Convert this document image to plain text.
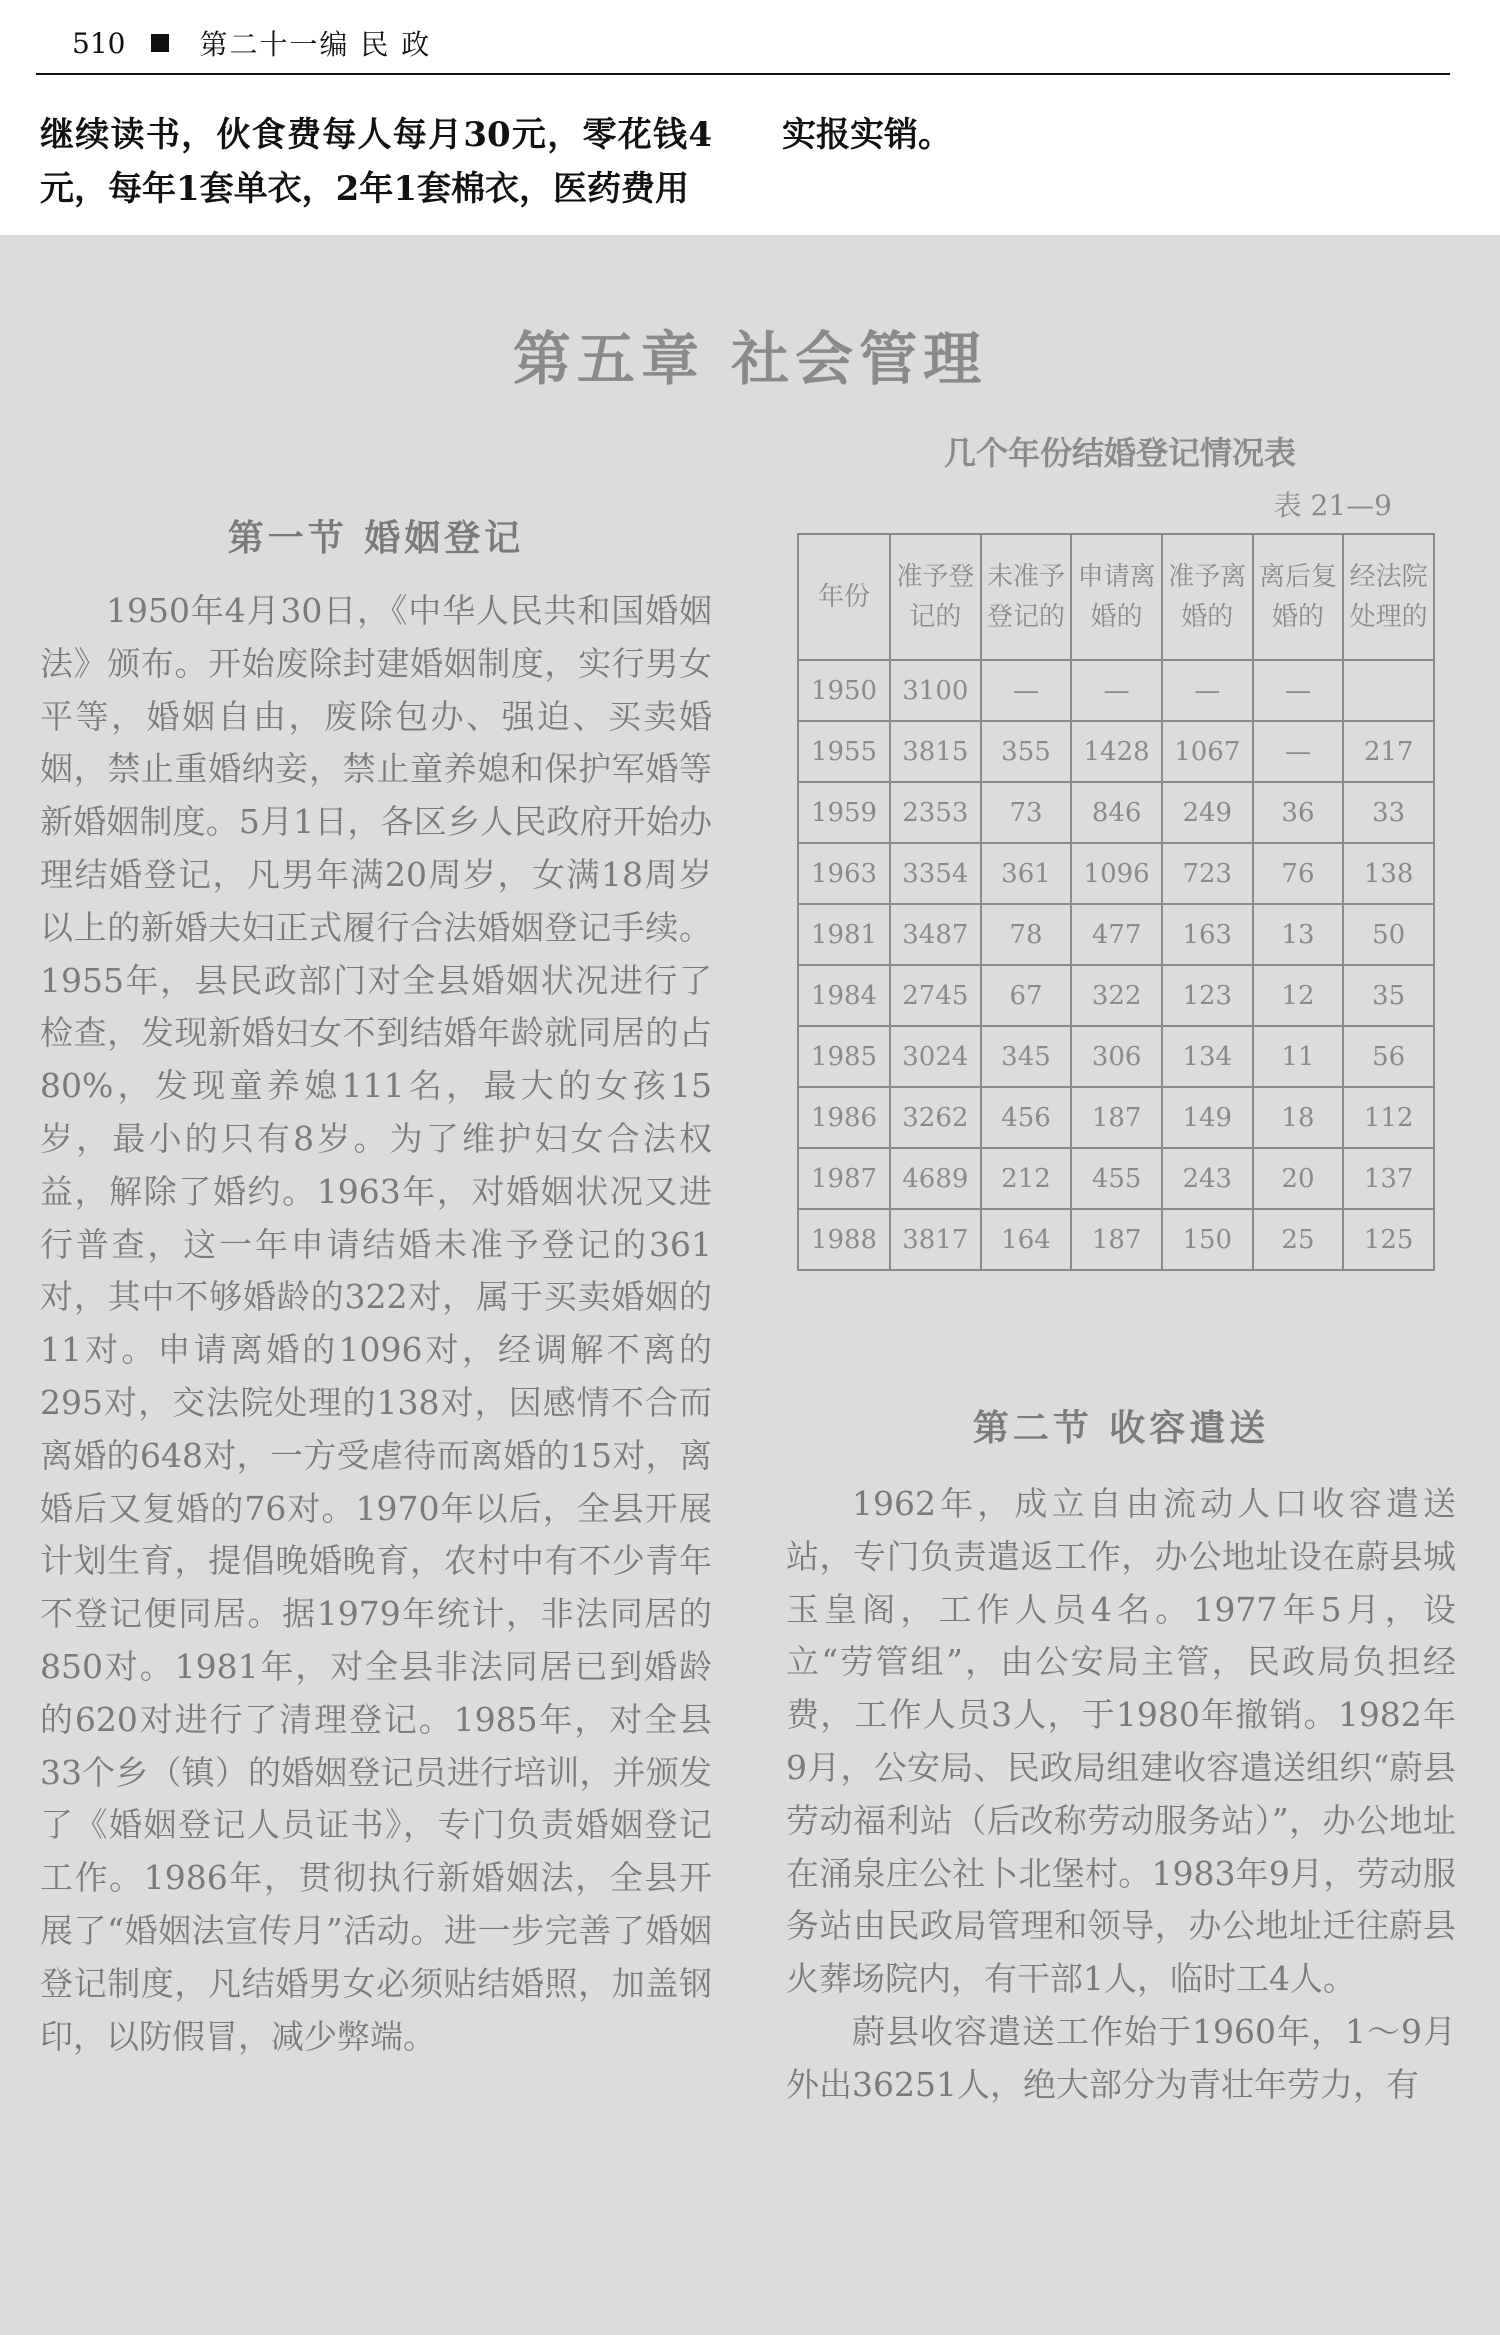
510	第二十一编 民 政
继续读书，伙食费每人每月30元，零花钱4元，每年1套单衣，2年1套棉衣，医药费用
实报实销。
第五章 社会管理
第一节 婚姻登记

1950年4月30日，《中华人民共和国婚姻法》颁布。开始废除封建婚姻制度，实行男女平等，婚姻自由，废除包办、强迫、买卖婚姻，禁止重婚纳妾，禁止童养媳和保护军婚等新婚姻制度。5月1日，各区乡人民政府开始办理结婚登记，凡男年满20周岁，女满18周岁以上的新婚夫妇正式履行合法婚姻登记手续。1955年，县民政部门对全县婚姻状况进行了检查，发现新婚妇女不到结婚年龄就同居的占80%，发现童养媳111名，最大的女孩15岁，最小的只有8岁。为了维护妇女合法权益，解除了婚约。1963年，对婚姻状况又进行普查，这一年申请结婚未准予登记的361对，其中不够婚龄的322对，属于买卖婚姻的11对。申请离婚的1096对，经调解不离的295对，交法院处理的138对，因感情不合而离婚的648对，一方受虐待而离婚的15对，离婚后又复婚的76对。1970年以后，全县开展计划生育，提倡晚婚晚育，农村中有不少青年不登记便同居。据1979年统计，非法同居的850对。1981年，对全县非法同居已到婚龄的620对进行了清理登记。1985年，对全县33个乡（镇）的婚姻登记员进行培训，并颁发了《婚姻登记人员证书》，专门负责婚姻登记工作。1986年，贯彻执行新婚姻法，全县开展了“婚姻法宣传月”活动。进一步完善了婚姻登记制度，凡结婚男女必须贴结婚照，加盖钢印，以防假冒，减少弊端。

几个年份结婚登记情况表
表 21—9
年份	准予登记的	未准予登记的	申请离婚的	准予离婚的	离后复婚的	经法院处理的
1950	3100	—	—	—	—	
1955	3815	355	1428	1067	—	217
1959	2353	73	846	249	36	33
1963	3354	361	1096	723	76	138
1981	3487	78	477	163	13	50
1984	2745	67	322	123	12	35
1985	3024	345	306	134	11	56
1986	3262	456	187	149	18	112
1987	4689	212	455	243	20	137
1988	3817	164	187	150	25	125
第二节 收容遣送

1962年，成立自由流动人口收容遣送站，专门负责遣返工作，办公地址设在蔚县城玉皇阁，工作人员4名。1977年5月，设立“劳管组”，由公安局主管，民政局负担经费，工作人员3人，于1980年撤销。1982年9月，公安局、民政局组建收容遣送组织“蔚县劳动福利站（后改称劳动服务站）”，办公地址在涌泉庄公社卜北堡村。1983年9月，劳动服务站由民政局管理和领导，办公地址迁往蔚县火葬场院内，有干部1人，临时工4人。

蔚县收容遣送工作始于1960年，1～9月外出36251人，绝大部分为青壮年劳力，有
